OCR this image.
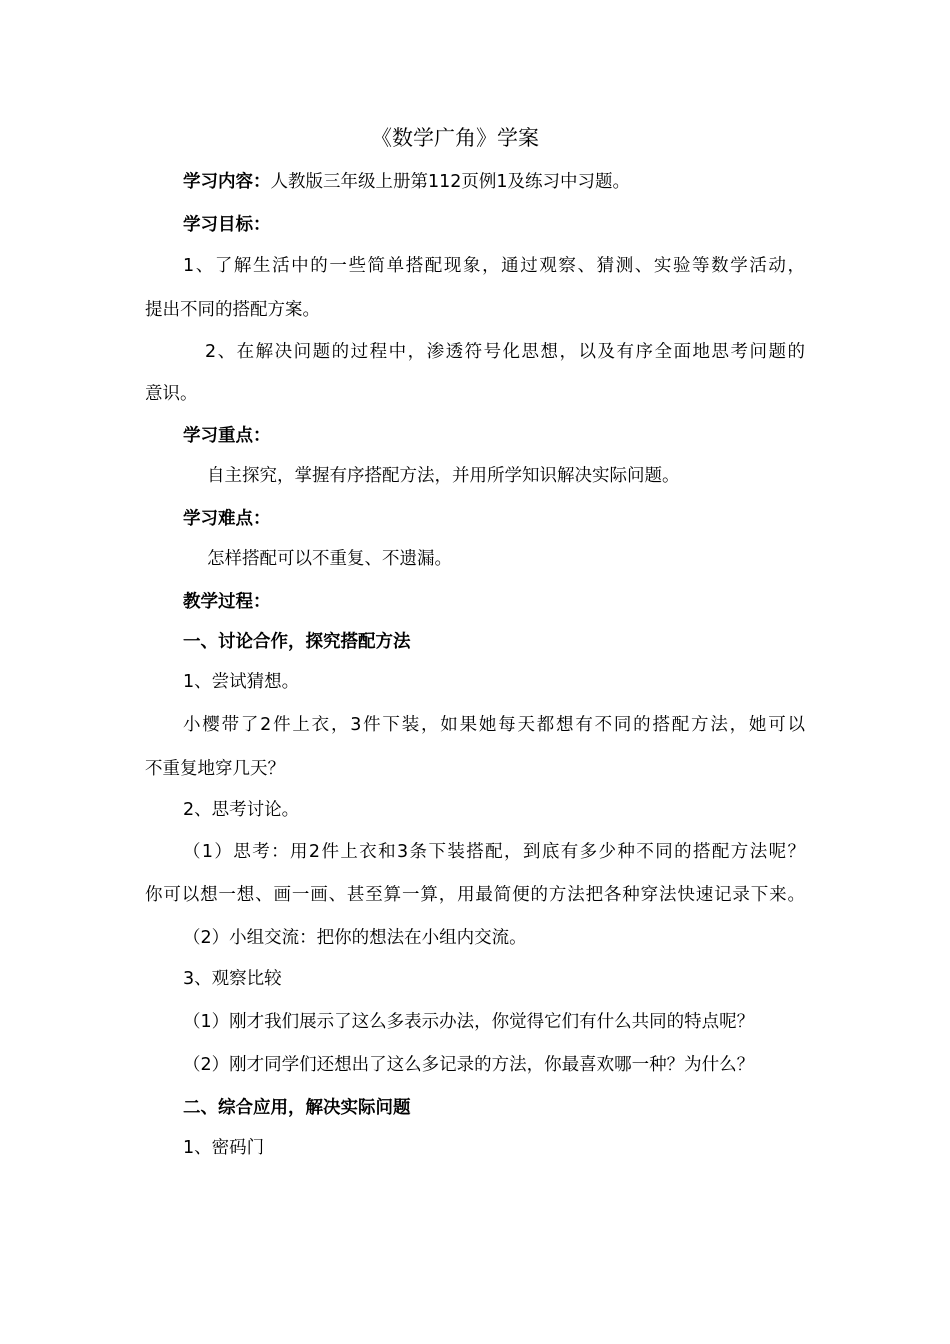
《数学广角》学案

学习内容：人教版三年级上册第112页例1及练习中习题。

学习目标：

1、了解生活中的一些简单搭配现象，通过观察、猜测、实验等数学活动，

提出不同的搭配方案。

2、在解决问题的过程中，渗透符号化思想，以及有序全面地思考问题的

意识。

学习重点：

自主探究，掌握有序搭配方法，并用所学知识解决实际问题。

学习难点：

怎样搭配可以不重复、不遗漏。

教学过程：

一、讨论合作，探究搭配方法

1、尝试猜想。

小樱带了2件上衣，3件下装，如果她每天都想有不同的搭配方法，她可以

不重复地穿几天？

2、思考讨论。

（1）思考：用2件上衣和3条下装搭配，到底有多少种不同的搭配方法呢？

你可以想一想、画一画、甚至算一算，用最简便的方法把各种穿法快速记录下来。

（2）小组交流：把你的想法在小组内交流。

3、观察比较

（1）刚才我们展示了这么多表示办法，你觉得它们有什么共同的特点呢？

（2）刚才同学们还想出了这么多记录的方法，你最喜欢哪一种？为什么？

二、综合应用，解决实际问题

1、密码门
